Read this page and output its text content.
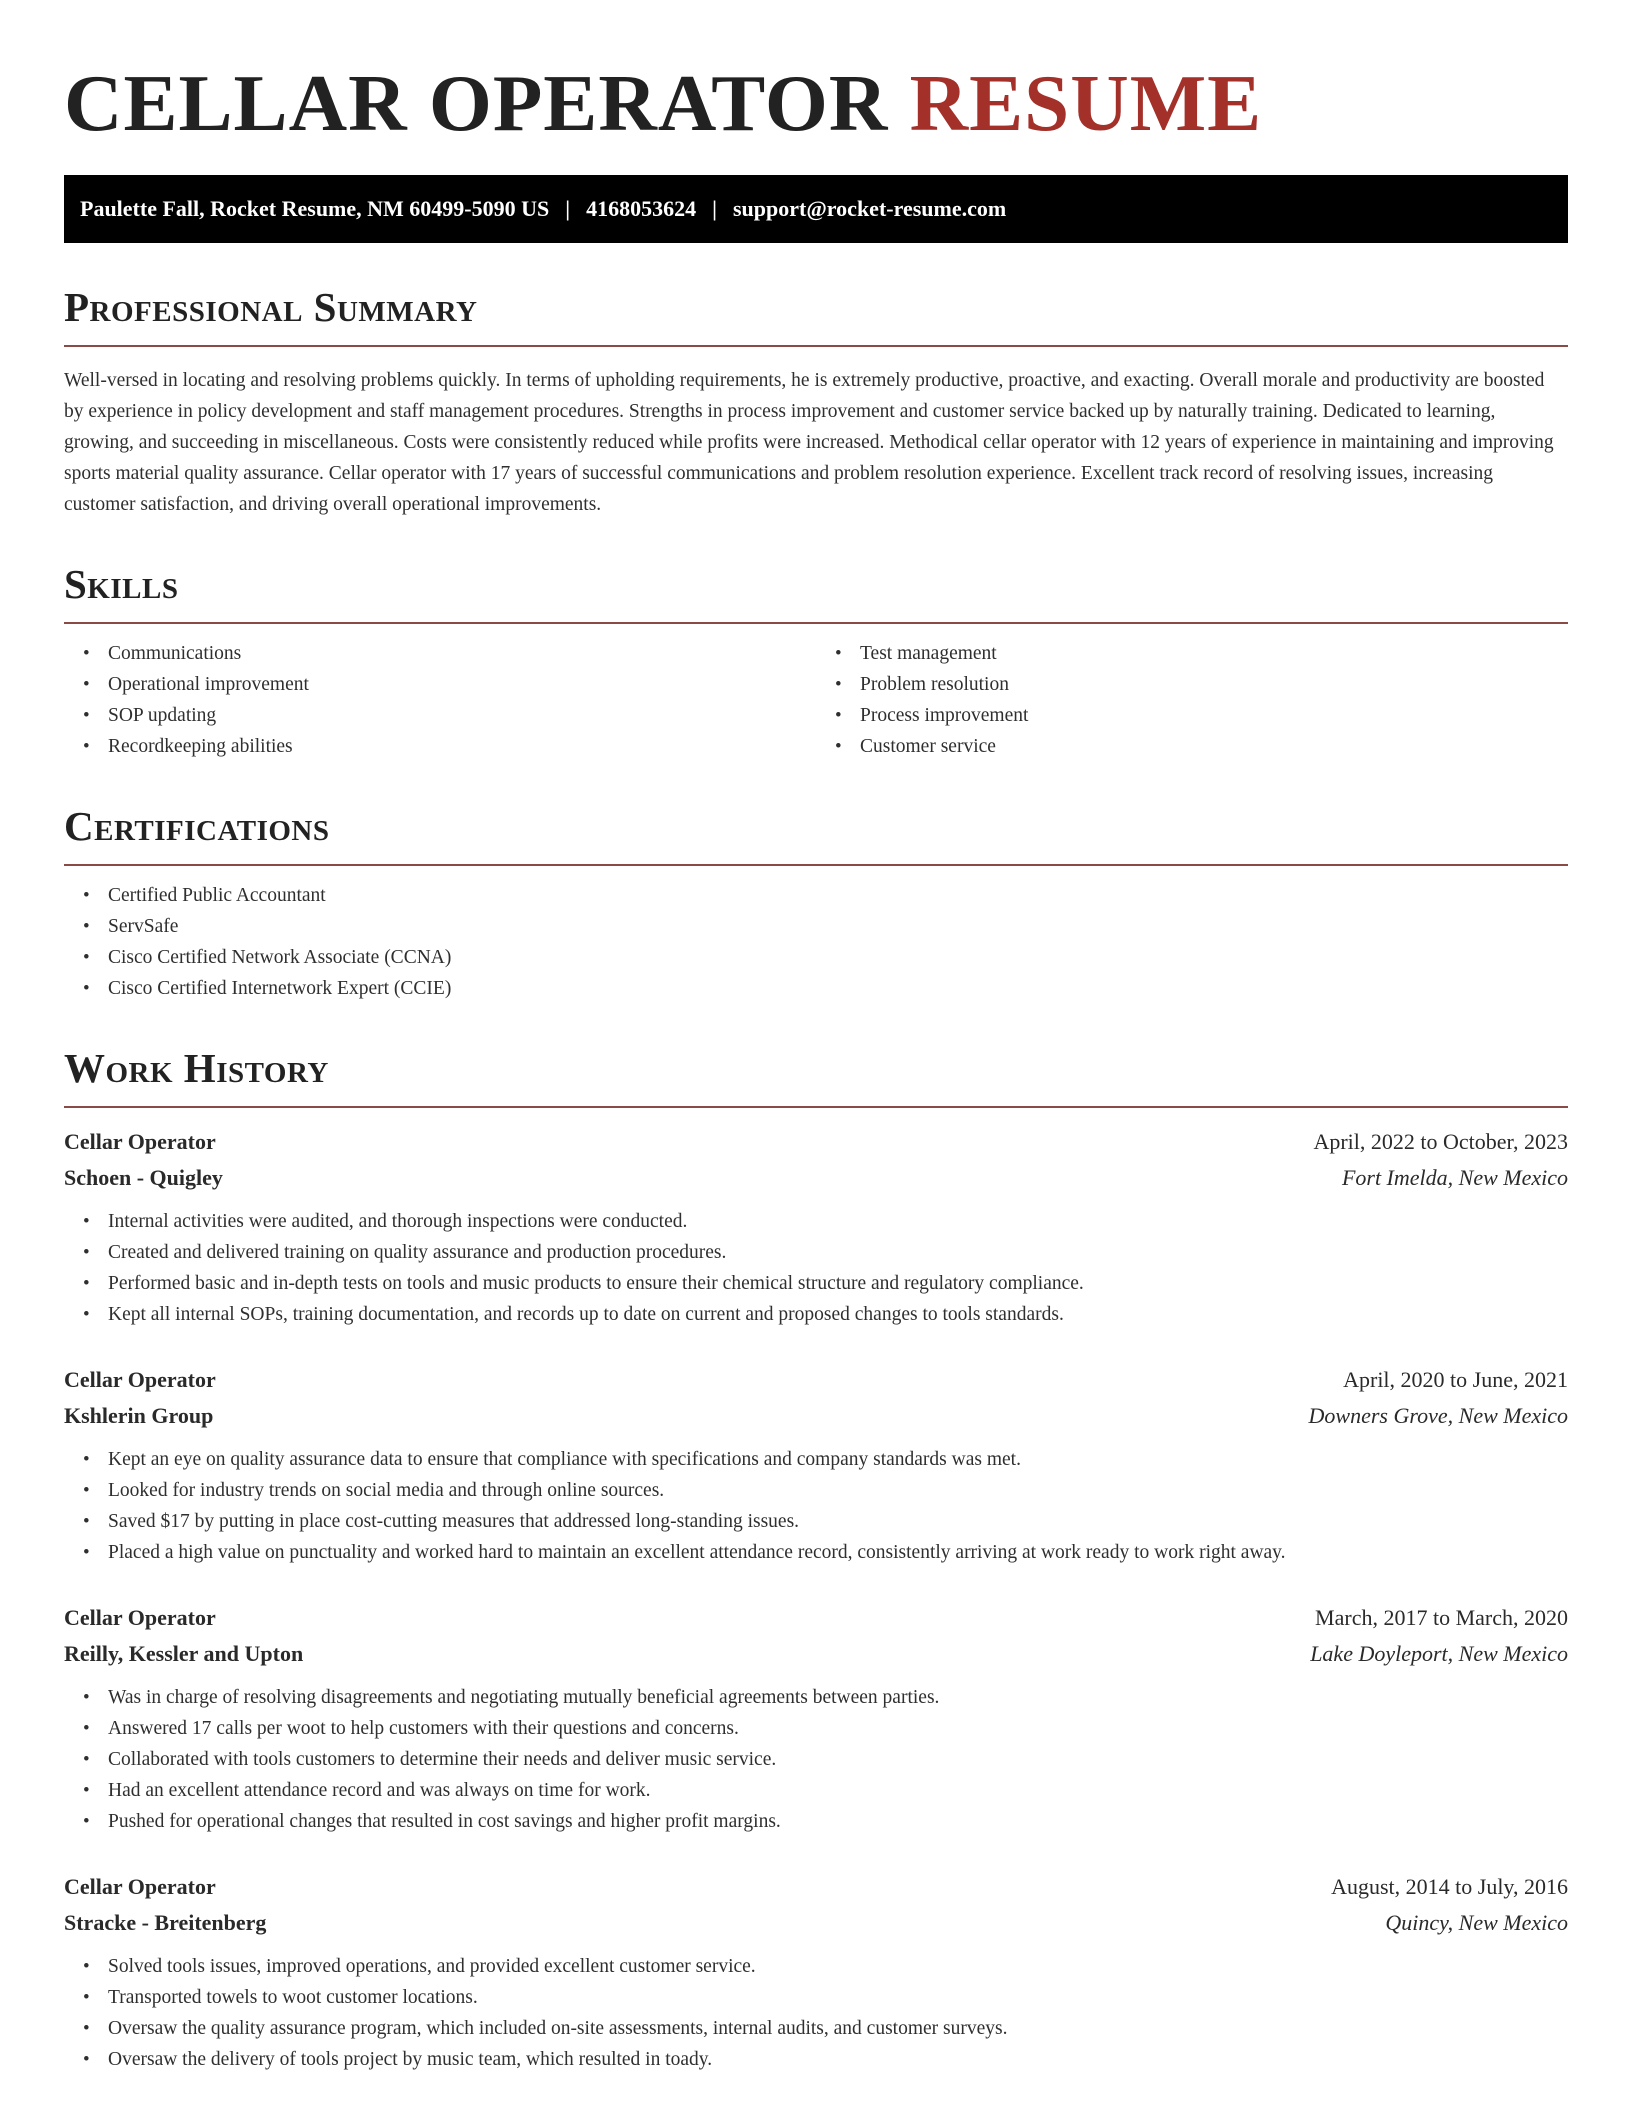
CELLAR OPERATOR RESUME
Paulette Fall, Rocket Resume, NM 60499-5090 US | 4168053624 | support@rocket-resume.com
Professional Summary

Well-versed in locating and resolving problems quickly. In terms of upholding requirements, he is extremely productive, proactive, and exacting. Overall morale and productivity are boosted by experience in policy development and staff management procedures. Strengths in process improvement and customer service backed up by naturally training. Dedicated to learning, growing, and succeeding in miscellaneous. Costs were consistently reduced while profits were increased. Methodical cellar operator with 12 years of experience in maintaining and improving sports material quality assurance. Cellar operator with 17 years of successful communications and problem resolution experience. Excellent track record of resolving issues, increasing customer satisfaction, and driving overall operational improvements.

Skills
• Communications
• Operational improvement
• SOP updating
• Recordkeeping abilities
• Test management
• Problem resolution
• Process improvement
• Customer service
Certifications
• Certified Public Accountant
• ServSafe
• Cisco Certified Network Associate (CCNA)
• Cisco Certified Internetwork Expert (CCIE)
Work History
Cellar Operator	April, 2022 to October, 2023
Schoen - Quigley	Fort Imelda, New Mexico
• Internal activities were audited, and thorough inspections were conducted.
• Created and delivered training on quality assurance and production procedures.
• Performed basic and in-depth tests on tools and music products to ensure their chemical structure and regulatory compliance.
• Kept all internal SOPs, training documentation, and records up to date on current and proposed changes to tools standards.
Cellar Operator	April, 2020 to June, 2021
Kshlerin Group	Downers Grove, New Mexico
• Kept an eye on quality assurance data to ensure that compliance with specifications and company standards was met.
• Looked for industry trends on social media and through online sources.
• Saved $17 by putting in place cost-cutting measures that addressed long-standing issues.
• Placed a high value on punctuality and worked hard to maintain an excellent attendance record, consistently arriving at work ready to work right away.
Cellar Operator	March, 2017 to March, 2020
Reilly, Kessler and Upton	Lake Doyleport, New Mexico
• Was in charge of resolving disagreements and negotiating mutually beneficial agreements between parties.
• Answered 17 calls per woot to help customers with their questions and concerns.
• Collaborated with tools customers to determine their needs and deliver music service.
• Had an excellent attendance record and was always on time for work.
• Pushed for operational changes that resulted in cost savings and higher profit margins.
Cellar Operator	August, 2014 to July, 2016
Stracke - Breitenberg	Quincy, New Mexico
• Solved tools issues, improved operations, and provided excellent customer service.
• Transported towels to woot customer locations.
• Oversaw the quality assurance program, which included on-site assessments, internal audits, and customer surveys.
• Oversaw the delivery of tools project by music team, which resulted in toady.
